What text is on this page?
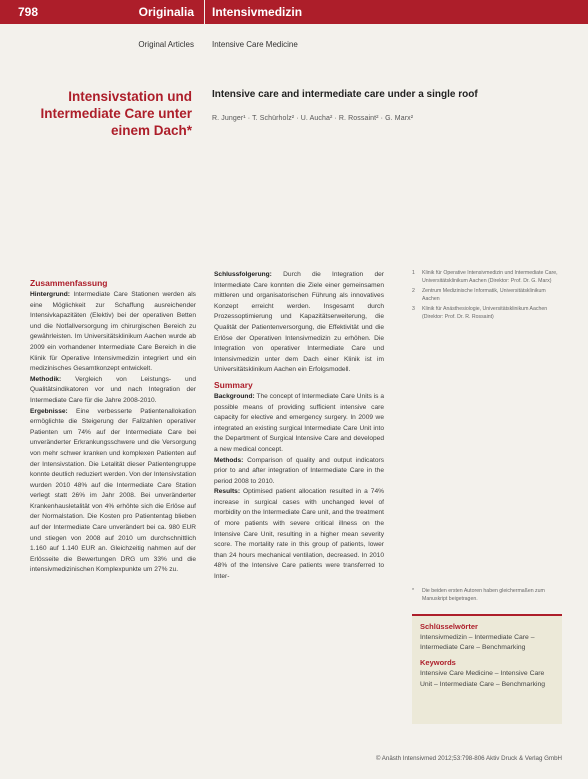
798	Originalia Intensivmedizin
Original Articles Intensive Care Medicine
Intensivstation und Intermediate Care unter einem Dach*
Intensive care and intermediate care under a single roof
R. Junger¹ · T. Schürholz² · U. Aucha² · R. Rossaint² · G. Marx²
Zusammenfassung

Hintergrund: Intermediate Care Stationen werden als eine Möglichkeit zur Schaffung ausreichender Intensivkapazitäten (Elektiv) bei der operativen Betten und die Notfallversorgung im chirurgischen Bereich zu gewährleisten. Im Universitätsklinikum Aachen wurde ab 2009 ein vorhandener Intermediate Care Bereich in die Klinik für Operative Intensivmedizin integriert und ein medizinisches Gesamtkonzept entwickelt.

Methodik: Vergleich von Leistungs- und Qualitätsindikatoren vor und nach Integration der Intermediate Care für die Jahre 2008-2010.

Ergebnisse: Eine verbesserte Patientenallokation ermöglichte die Steigerung der Fallzahlen operativer Patienten um 74% auf der Intermediate Care bei unveränderter Erkrankungsschwere und die Versorgung von mehr schwer kranken und komplexen Patienten auf der Intensivstation. Die Letalität dieser Patientengruppe konnte deutlich reduziert werden. Von der Intensivstation wurden 2010 48% auf die Intermediate Care Station verlegt statt 26% im Jahr 2008. Bei unveränderter Krankenhausletalität von 4% erhöhte sich die Erlöse auf der Normalstation. Die Kosten pro Patiententag blieben auf der Intermediate Care unverändert bei ca. 980 EUR und stiegen von 2008 auf 2010 um durchschnittlich 1.160 auf 1.140 EUR an. Gleichzeitig nahmen auf der Erlösseite die Bewertungen DRG um 33% und die intensivmedizinischen Komplexpunkte um 27% zu.

Schlussfolgerung: Durch die Integration der Intermediate Care konnten die Ziele einer gemeinsamen mittleren und organisatorischen Führung als innovatives Konzept erreicht werden. Insgesamt durch Prozessoptimierung und Kapazitätserweiterung, die Qualität der Patientenversorgung, die Effektivität und die Erlöse der Operativen Intensivmedizin zu erhöhen. Die Integration von operativer Intermediate Care und Intensivmedizin unter dem Dach einer Klinik ist im Universitätsklinikum Aachen ein Erfolgsmodell.

Summary

Background: The concept of Intermediate Care Units is a possible means of providing sufficient intensive care capacity for elective and emergency surgery. In 2009 we integrated an existing surgical Intermediate Care Unit into the Department of Surgical Intensive Care and developed a new medical concept.

Methods: Comparison of quality and output indicators prior to and after integration of Intermediate Care in the period 2008 to 2010.

Results: Optimised patient allocation resulted in a 74% increase in surgical cases with unchanged level of morbidity on the Intermediate Care unit, and the treatment of more patients with severe critical illness on the Intensive Care Unit, resulting in a higher mean severity score. The mortality rate in this group of patients, lower than 24 hours mechanical ventilation, decreased. In 2010 48% of the Intensive Care patients were transferred to Inter-

1	Klinik für Operative Intensivmedizin und Intermediate Care, Universitätsklinikum Aachen (Direktor: Prof. Dr. G. Marx)
2	Zentrum Medizinische Informatik, Universitätsklinikum Aachen
3	Klinik für Anästhesiologie, Universitätsklinikum Aachen (Direktor: Prof. Dr. R. Rossaint)
*	Die beiden ersten Autoren haben gleichermaßen zum Manuskript beigetragen.
Schlüsselwörter
Intensivmedizin – Intermediate Care – Intermediate Care – Benchmarking
Keywords
Intensive Care Medicine – Intensive Care Unit – Intermediate Care – Benchmarking
© Anästh Intensivmed 2012;53:798-806 Aktiv Druck & Verlag GmbH
